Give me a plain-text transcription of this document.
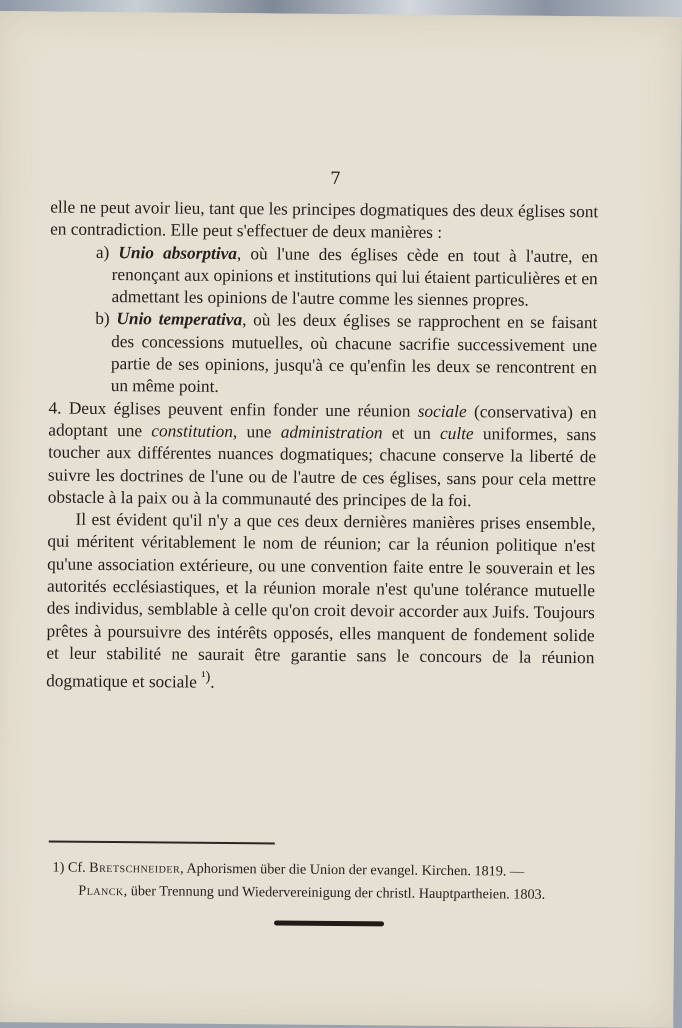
7

elle ne peut avoir lieu, tant que les principes dogmatiques des deux églises sont en contradiction. Elle peut s'effectuer de deux manières :

a) Unio absorptiva, où l'une des églises cède en tout à l'autre, en renonçant aux opinions et institutions qui lui étaient particulières et en admettant les opinions de l'autre comme les siennes propres.

b) Unio temperativa, où les deux églises se rapprochent en se faisant des concessions mutuelles, où chacune sacrifie successivement une partie de ses opinions, jusqu'à ce qu'enfin les deux se rencontrent en un même point.

4. Deux églises peuvent enfin fonder une réunion sociale (conservativa) en adoptant une constitution, une administration et un culte uniformes, sans toucher aux différentes nuances dogmatiques; chacune conserve la liberté de suivre les doctrines de l'une ou de l'autre de ces églises, sans pour cela mettre obstacle à la paix ou à la communauté des principes de la foi.

Il est évident qu'il n'y a que ces deux dernières manières prises ensemble, qui méritent véritablement le nom de réunion; car la réunion politique n'est qu'une association extérieure, ou une convention faite entre le souverain et les autorités ecclésiastiques, et la réunion morale n'est qu'une tolérance mutuelle des individus, semblable à celle qu'on croit devoir accorder aux Juifs. Toujours prêtes à poursuivre des intérêts opposés, elles manquent de fondement solide et leur stabilité ne saurait être garantie sans le concours de la réunion dogmatique et sociale $^{^1)}$.

1) Cf. Bretschneider, Aphorismen über die Union der evangel. Kirchen. 1819. —
Planck, über Trennung und Wiedervereinigung der christl. Hauptpartheien. 1803.
